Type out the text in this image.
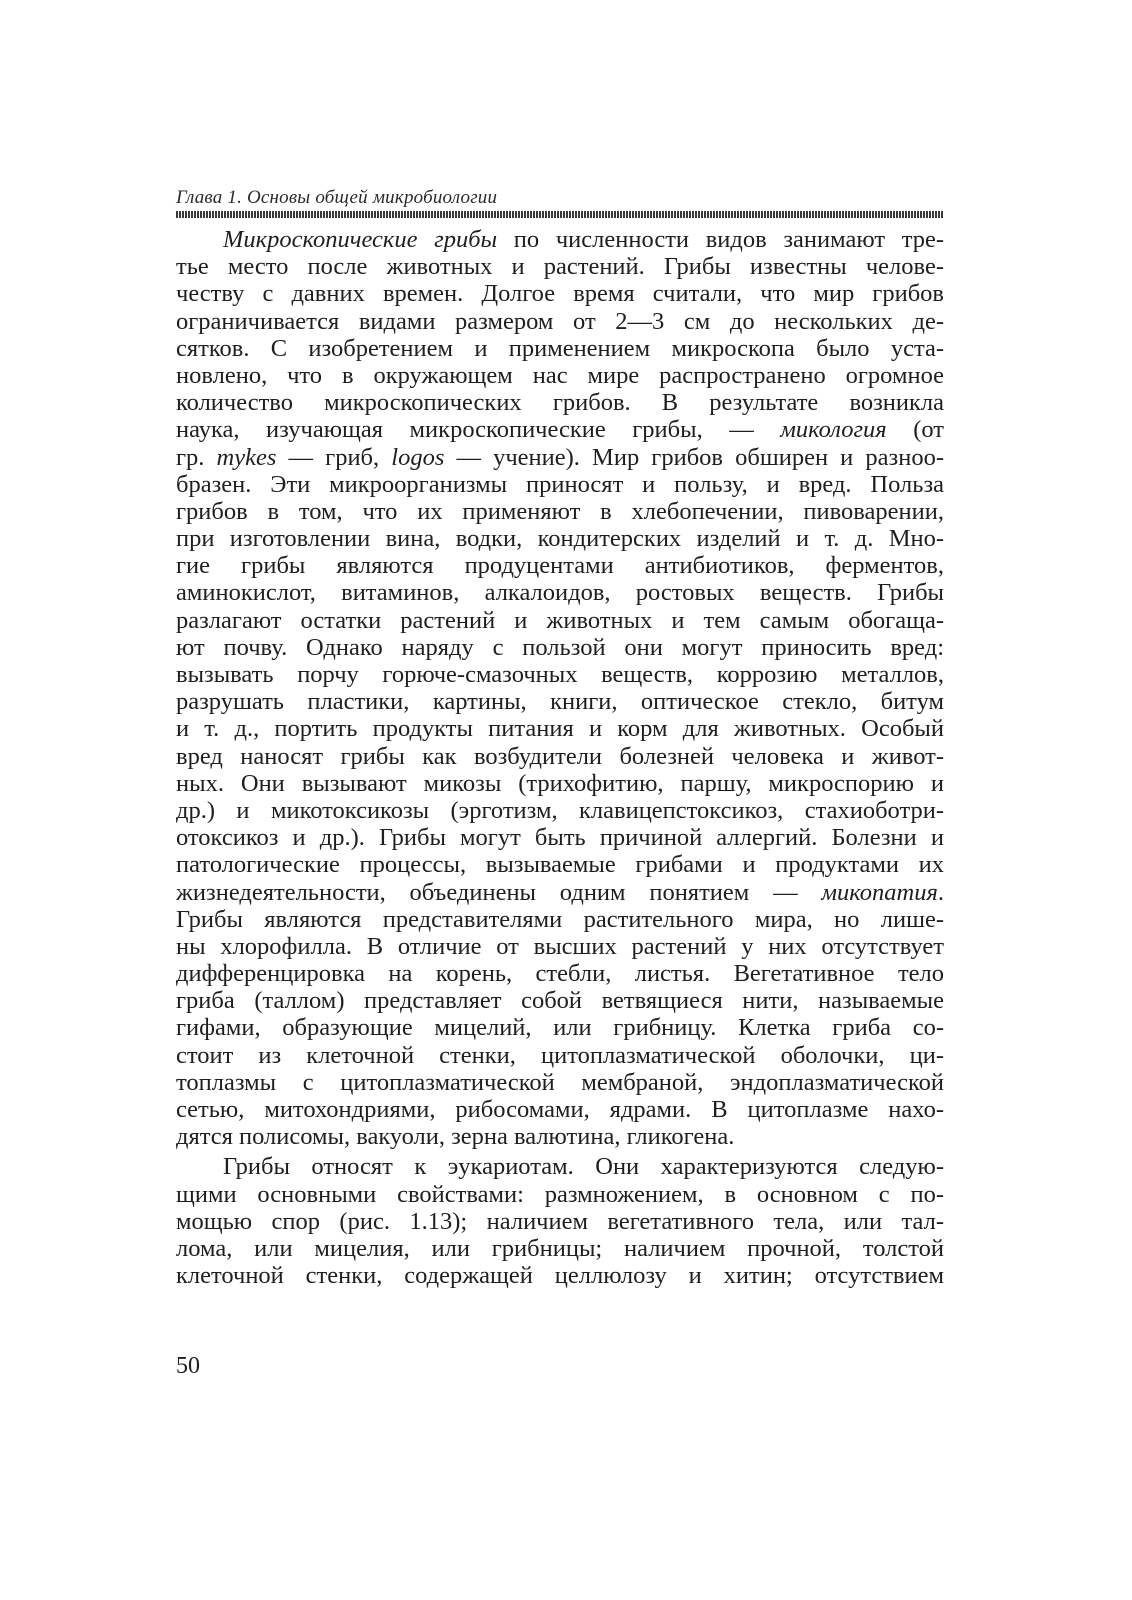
Глава 1. Основы общей микробиологии
Микроскопические грибы по численности видов занимают тре-
тье место после животных и растений. Грибы известны челове-
честву с давних времен. Долгое время считали, что мир грибов
ограничивается видами размером от 2—3 см до нескольких де-
сятков. С изобретением и применением микроскопа было уста-
новлено, что в окружающем нас мире распространено огромное
количество микроскопических грибов. В результате возникла
наука, изучающая микроскопические грибы, — микология (от
гр. mykes — гриб, logos — учение). Мир грибов обширен и разноо-
бразен. Эти микроорганизмы приносят и пользу, и вред. Польза
грибов в том, что их применяют в хлебопечении, пивоварении,
при изготовлении вина, водки, кондитерских изделий и т. д. Мно-
гие грибы являются продуцентами антибиотиков, ферментов,
аминокислот, витаминов, алкалоидов, ростовых веществ. Грибы
разлагают остатки растений и животных и тем самым обогаща-
ют почву. Однако наряду с пользой они могут приносить вред:
вызывать порчу горюче-смазочных веществ, коррозию металлов,
разрушать пластики, картины, книги, оптическое стекло, битум
и т. д., портить продукты питания и корм для животных. Особый
вред наносят грибы как возбудители болезней человека и живот-
ных. Они вызывают микозы (трихофитию, паршу, микроспорию и
др.) и микотоксикозы (эрготизм, клавицепстоксикоз, стахиоботри-
отоксикоз и др.). Грибы могут быть причиной аллергий. Болезни и
патологические процессы, вызываемые грибами и продуктами их
жизнедеятельности, объединены одним понятием — микопатия.
Грибы являются представителями растительного мира, но лише-
ны хлорофилла. В отличие от высших растений у них отсутствует
дифференцировка на корень, стебли, листья. Вегетативное тело
гриба (таллом) представляет собой ветвящиеся нити, называемые
гифами, образующие мицелий, или грибницу. Клетка гриба со-
стоит из клеточной стенки, цитоплазматической оболочки, ци-
топлазмы с цитоплазматической мембраной, эндоплазматической
сетью, митохондриями, рибосомами, ядрами. В цитоплазме нахо-
дятся полисомы, вакуоли, зерна валютина, гликогена.
Грибы относят к эукариотам. Они характеризуются следую-
щими основными свойствами: размножением, в основном с по-
мощью спор (рис. 1.13); наличием вегетативного тела, или тал-
лома, или мицелия, или грибницы; наличием прочной, толстой
клеточной стенки, содержащей целлюлозу и хитин; отсутствием
50
